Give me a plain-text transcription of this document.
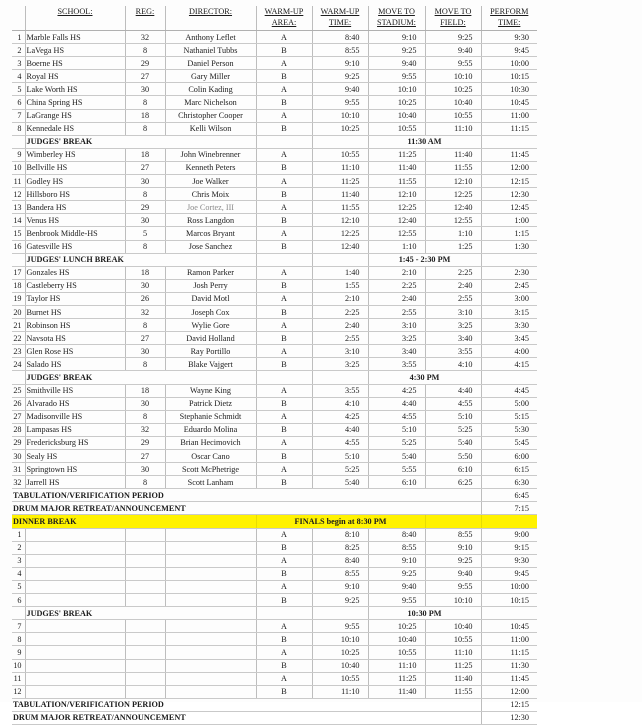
	SCHOOL:	REG:	DIRECTOR:	WARM-UP AREA:	WARM-UP TIME:	MOVE TO STADIUM:	MOVE TO FIELD:	PERFORM TIME:
1	Marble Falls HS	32	Anthony Leflet	A	8:40	9:10	9:25	9:30
2	LaVega HS	8	Nathaniel Tubbs	B	8:55	9:25	9:40	9:45
3	Boerne HS	29	Daniel Person	A	9:10	9:40	9:55	10:00
4	Royal HS	27	Gary Miller	B	9:25	9:55	10:10	10:15
5	Lake Worth HS	30	Colin Kading	A	9:40	10:10	10:25	10:30
6	China Spring HS	8	Marc Nichelson	B	9:55	10:25	10:40	10:45
7	LaGrange HS	18	Christopher Cooper	A	10:10	10:40	10:55	11:00
8	Kennedale HS	8	Kelli Wilson	B	10:25	10:55	11:10	11:15
	JUDGES' BREAK					11:30 AM		
9	Wimberley HS	18	John Winebrenner	A	10:55	11:25	11:40	11:45
10	Bellville HS	27	Kenneth Peters	B	11:10	11:40	11:55	12:00
11	Godley HS	30	Joe Walker	A	11:25	11:55	12:10	12:15
12	Hillsboro HS	8	Chris Moix	B	11:40	12:10	12:25	12:30
13	Bandera HS	29	Joe Cortez, III	A	11:55	12:25	12:40	12:45
14	Venus HS	30	Ross Langdon	B	12:10	12:40	12:55	1:00
15	Benbrook Middle-HS	5	Marcos Bryant	A	12:25	12:55	1:10	1:15
16	Gatesville HS	8	Jose Sanchez	B	12:40	1:10	1:25	1:30
	JUDGES' LUNCH BREAK					1:45 - 2:30 PM		
17	Gonzales HS	18	Ramon Parker	A	1:40	2:10	2:25	2:30
18	Castleberry HS	30	Josh Perry	B	1:55	2:25	2:40	2:45
19	Taylor HS	26	David Motl	A	2:10	2:40	2:55	3:00
20	Burnet HS	32	Joseph Cox	B	2:25	2:55	3:10	3:15
21	Robinson HS	8	Wylie Gore	A	2:40	3:10	3:25	3:30
22	Navsota HS	27	David Holland	B	2:55	3:25	3:40	3:45
23	Glen Rose HS	30	Ray Portillo	A	3:10	3:40	3:55	4:00
24	Salado HS	8	Blake Vajgert	B	3:25	3:55	4:10	4:15
	JUDGES' BREAK					4:30 PM		
25	Smithville HS	18	Wayne King	A	3:55	4:25	4:40	4:45
26	Alvarado HS	30	Patrick Dietz	B	4:10	4:40	4:55	5:00
27	Madisonville HS	8	Stephanie Schmidt	A	4:25	4:55	5:10	5:15
28	Lampasas HS	32	Eduardo Molina	B	4:40	5:10	5:25	5:30
29	Fredericksburg HS	29	Brian Hecimovich	A	4:55	5:25	5:40	5:45
30	Sealy HS	27	Oscar Cano	B	5:10	5:40	5:50	6:00
31	Springtown HS	30	Scott McPhetrige	A	5:25	5:55	6:10	6:15
32	Jarrell HS	8	Scott Lanham	B	5:40	6:10	6:25	6:30
TABULATION/VERIFICATION PERIOD								6:45
DRUM MAJOR RETREAT/ANNOUNCEMENT								7:15
DINNER BREAK				FINALS begin at 8:30 PM				
1				A	8:10	8:40	8:55	9:00
2				B	8:25	8:55	9:10	9:15
3				A	8:40	9:10	9:25	9:30
4				B	8:55	9:25	9:40	9:45
5				A	9:10	9:40	9:55	10:00
6				B	9:25	9:55	10:10	10:15
	JUDGES' BREAK					10:30 PM		
7				A	9:55	10:25	10:40	10:45
8				B	10:10	10:40	10:55	11:00
9				A	10:25	10:55	11:10	11:15
10				B	10:40	11:10	11:25	11:30
11				A	10:55	11:25	11:40	11:45
12				B	11:10	11:40	11:55	12:00
TABULATION/VERIFICATION PERIOD								12:15
DRUM MAJOR RETREAT/ANNOUNCEMENT								12:30
